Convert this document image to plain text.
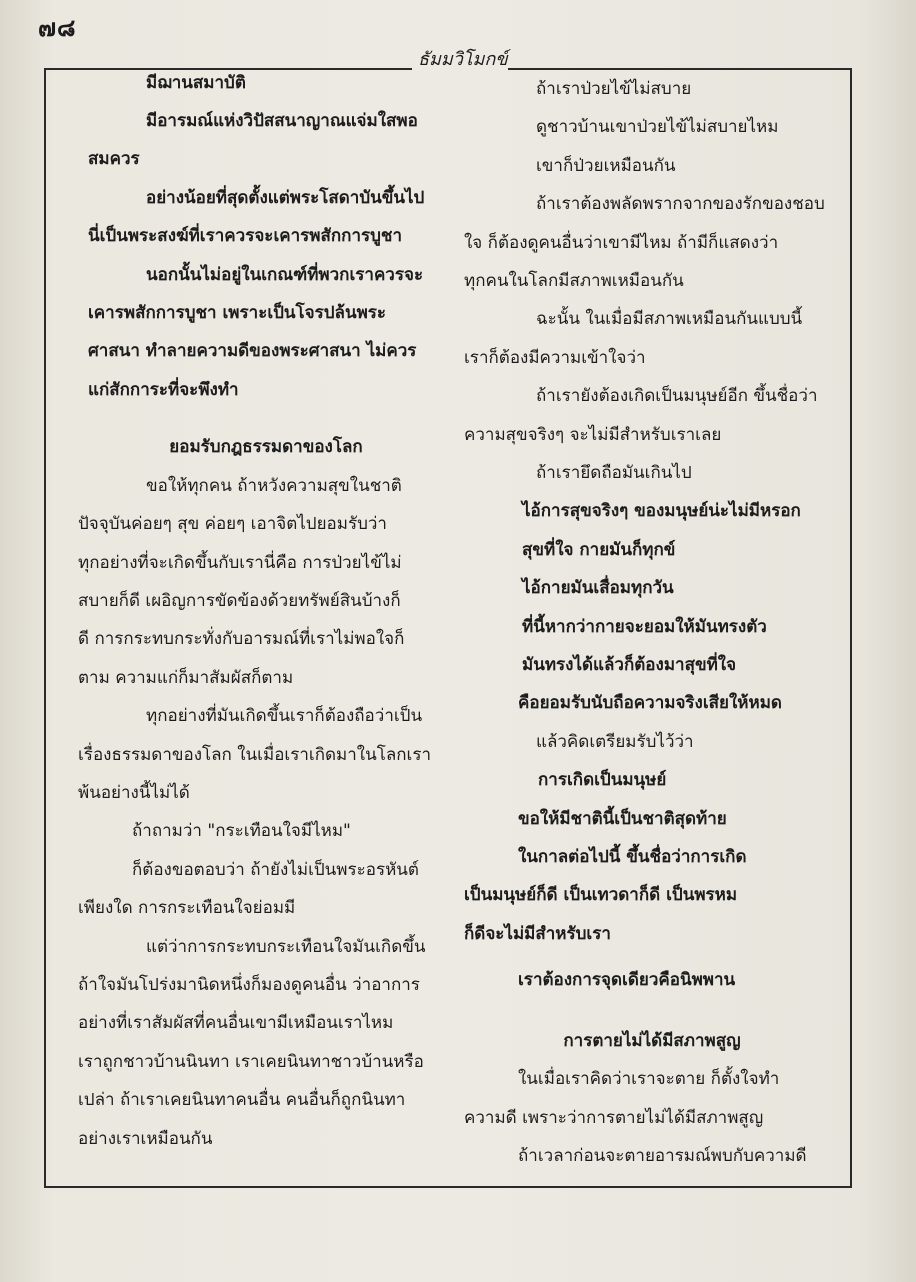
๗๘
ธัมมวิโมกข์
มีฌานสมาบัติ
มีอารมณ์แห่งวิปัสสนาญาณแจ่มใสพอ
สมควร
อย่างน้อยที่สุดตั้งแต่พระโสดาบันขึ้นไป
นี่เป็นพระสงฆ์ที่เราควรจะเคารพสักการบูชา
นอกนั้นไม่อยู่ในเกณฑ์ที่พวกเราควรจะ
เคารพสักการบูชา เพราะเป็นโจรปล้นพระ
ศาสนา ทำลายความดีของพระศาสนา ไม่ควร
แก่สักการะที่จะพึงทำ
ยอมรับกฎธรรมดาของโลก
ขอให้ทุกคน ถ้าหวังความสุขในชาติ
ปัจจุบันค่อยๆ สุข ค่อยๆ เอาจิตไปยอมรับว่า
ทุกอย่างที่จะเกิดขึ้นกับเรานี่คือ การป่วยไข้ไม่
สบายก็ดี เผอิญการขัดข้องด้วยทรัพย์สินบ้างก็
ดี การกระทบกระทั่งกับอารมณ์ที่เราไม่พอใจก็
ตาม ความแก่ก็มาสัมผัสก็ตาม
ทุกอย่างที่มันเกิดขึ้นเราก็ต้องถือว่าเป็น
เรื่องธรรมดาของโลก ในเมื่อเราเกิดมาในโลกเรา
พ้นอย่างนี้ไม่ได้
ถ้าถามว่า "กระเทือนใจมีไหม"
ก็ต้องขอตอบว่า ถ้ายังไม่เป็นพระอรหันต์
เพียงใด การกระเทือนใจย่อมมี
แต่ว่าการกระทบกระเทือนใจมันเกิดขึ้น
ถ้าใจมันโปร่งมานิดหนึ่งก็มองดูคนอื่น ว่าอาการ
อย่างที่เราสัมผัสที่คนอื่นเขามีเหมือนเราไหม
เราถูกชาวบ้านนินทา เราเคยนินทาชาวบ้านหรือ
เปล่า ถ้าเราเคยนินทาคนอื่น คนอื่นก็ถูกนินทา
อย่างเราเหมือนกัน
ถ้าเราป่วยไข้ไม่สบาย
ดูชาวบ้านเขาป่วยไข้ไม่สบายไหม
เขาก็ป่วยเหมือนกัน
ถ้าเราต้องพลัดพรากจากของรักของชอบ
ใจ ก็ต้องดูคนอื่นว่าเขามีไหม ถ้ามีก็แสดงว่า
ทุกคนในโลกมีสภาพเหมือนกัน
ฉะนั้น ในเมื่อมีสภาพเหมือนกันแบบนี้
เราก็ต้องมีความเข้าใจว่า
ถ้าเรายังต้องเกิดเป็นมนุษย์อีก ขึ้นชื่อว่า
ความสุขจริงๆ จะไม่มีสำหรับเราเลย
ถ้าเรายึดถือมันเกินไป
ไอ้การสุขจริงๆ ของมนุษย์น่ะไม่มีหรอก
สุขที่ใจ กายมันก็ทุกข์
ไอ้กายมันเสื่อมทุกวัน
ที่นี้หากว่ากายจะยอมให้มันทรงตัว
มันทรงได้แล้วก็ต้องมาสุขที่ใจ
คือยอมรับนับถือความจริงเสียให้หมด
แล้วคิดเตรียมรับไว้ว่า
การเกิดเป็นมนุษย์
ขอให้มีชาตินี้เป็นชาติสุดท้าย
ในกาลต่อไปนี้ ขึ้นชื่อว่าการเกิด
เป็นมนุษย์ก็ดี เป็นเทวดาก็ดี เป็นพรหม
ก็ดีจะไม่มีสำหรับเรา
เราต้องการจุดเดียวคือนิพพาน
การตายไม่ได้มีสภาพสูญ
ในเมื่อเราคิดว่าเราจะตาย ก็ตั้งใจทำ
ความดี เพราะว่าการตายไม่ได้มีสภาพสูญ
ถ้าเวลาก่อนจะตายอารมณ์พบกับความดี
